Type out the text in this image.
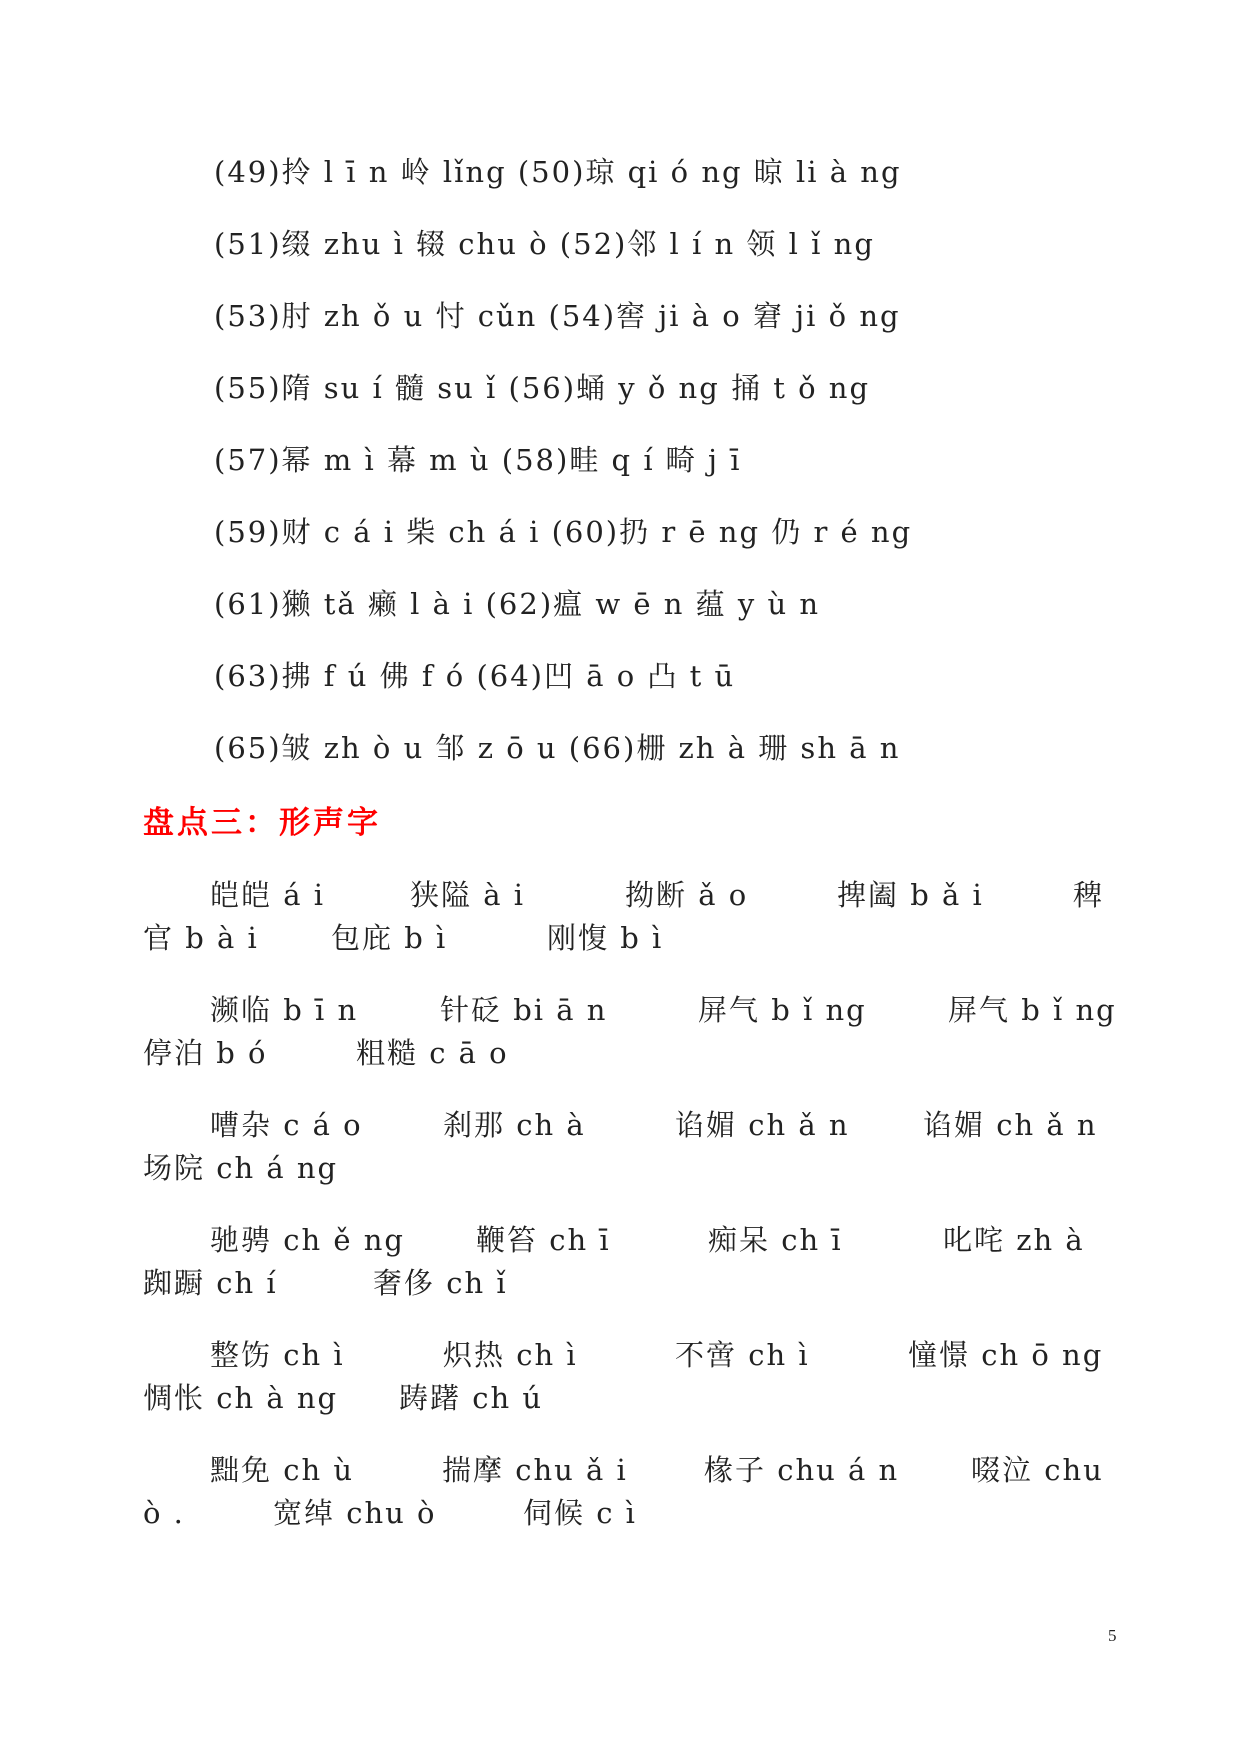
(49)拎 l ī n 岭 lǐng (50)琼 qi ó ng 晾 li à ng
(51)缀 zhu ì 辍 chu ò (52)邻 l í n 领 l ǐ ng
(53)肘 zh ǒ u 忖 cǔn (54)窖 ji à o 窘 ji ǒ ng
(55)隋 su í 髓 su ǐ (56)蛹 y ǒ ng 捅 t ǒ ng
(57)幂 m ì 幕 m ù (58)畦 q í 畸 j ī
(59)财 c á i 柴 ch á i (60)扔 r ē ng 仍 r é ng
(61)獭 tǎ 癞 l à i (62)瘟 w ē n 蕴 y ù n
(63)拂 f ú 佛 f ó (64)凹 ā o 凸 t ū
(65)皱 zh ò u 邹 z ō u (66)栅 zh à 珊 sh ā n
盘点三：形声字
皑皑 á i	狭隘 à i	拗断 ǎ o	捭阖 b ǎ i	稗
官 b à i 包庇 b ì	刚愎 b ì
濒临 b ī n	针砭 bi ā n	屏气 b ǐ ng	屏气 b ǐ ng
停泊 b ó	粗糙 c ā o
嘈杂 c á o	刹那 ch à	谄媚 ch ǎ n	谄媚 ch ǎ n
场院 ch á ng
驰骋 ch ě ng 鞭笞 ch ī	痴呆 ch ī	叱咤 zh à
踟蹰 ch í	奢侈 ch ǐ
整饬 ch ì	炽热 ch ì	不啻 ch ì	憧憬 ch ō ng
惆怅 ch à ng 踌躇 ch ú
黜免 ch ù	揣摩 chu ǎ i	椽子 chu á n 啜泣 chu
ò .	宽绰 chu ò	伺候 c ì
5
